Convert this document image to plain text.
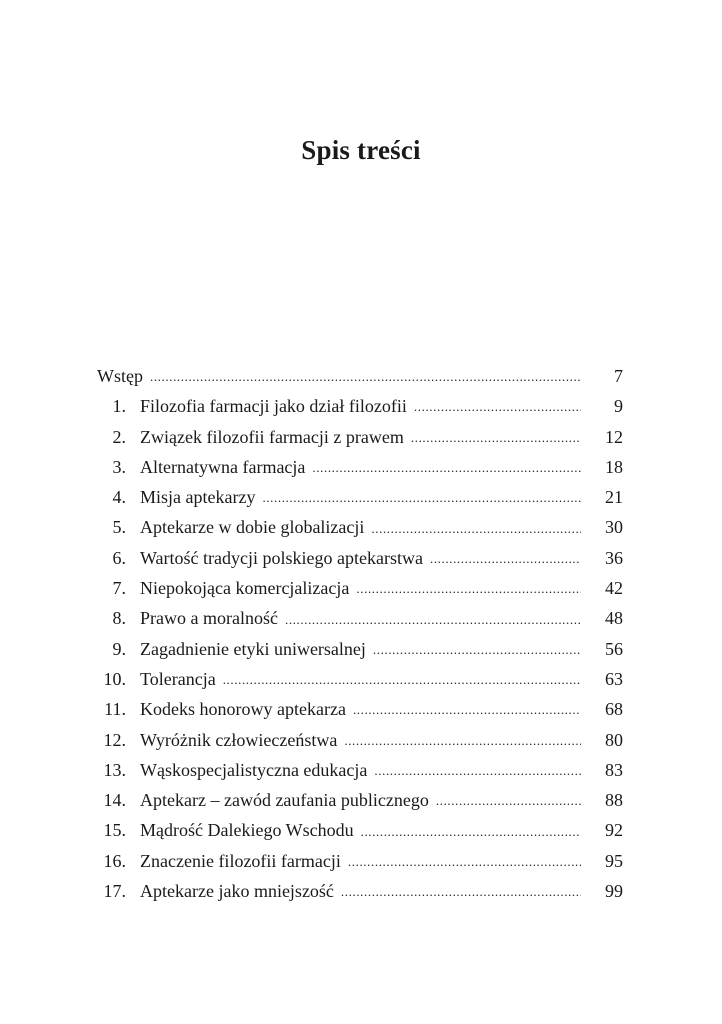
Spis treści
Wstęp .....	7
1. Filozofia farmacji jako dział filozofii .....	9
2. Związek filozofii farmacji z prawem .....	12
3. Alternatywna farmacja .....	18
4. Misja aptekarzy .....	21
5. Aptekarze w dobie globalizacji .....	30
6. Wartość tradycji polskiego aptekarstwa .....	36
7. Niepokojąca komercjalizacja .....	42
8. Prawo a moralność .....	48
9. Zagadnienie etyki uniwersalnej .....	56
10. Tolerancja .....	63
11. Kodeks honorowy aptekarza .....	68
12. Wyróżnik człowieczeństwa .....	80
13. Wąskospecjalistyczna edukacja .....	83
14. Aptekarz – zawód zaufania publicznego .....	88
15. Mądrość Dalekiego Wschodu .....	92
16. Znaczenie filozofii farmacji .....	95
17. Aptekarze jako mniejszość .....	99
